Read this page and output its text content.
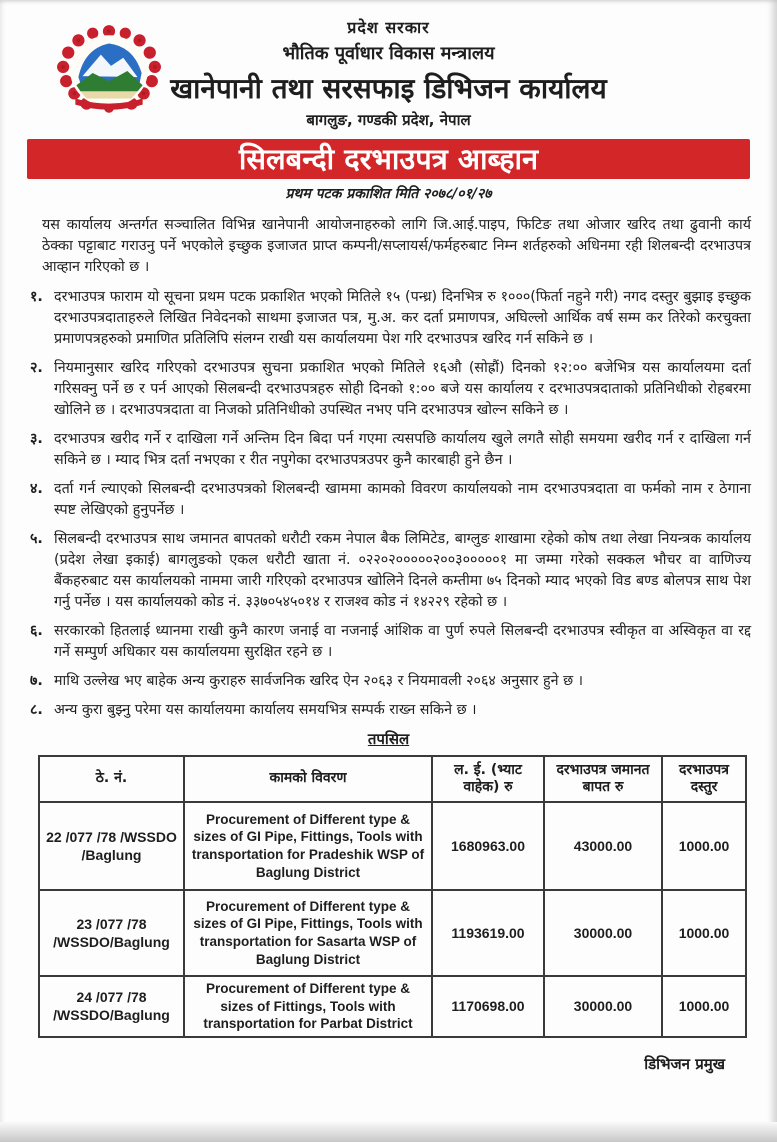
प्रदेश सरकार
भौतिक पूर्वाधार विकास मन्त्रालय
खानेपानी तथा सरसफाइ डिभिजन कार्यालय
बागलुङ, गण्डकी प्रदेश, नेपाल
सिलबन्दी दरभाउपत्र आब्हान
प्रथम पटक प्रकाशित मिति २०७८/०१/२७

यस कार्यालय अन्तर्गत सञ्चालित विभिन्न खानेपानी आयोजनाहरुको लागि जि.आई.पाइप, फिटिङ तथा ओजार खरिद तथा ढुवानी कार्य ठेक्का पट्टाबाट गराउनु पर्ने भएकोले इच्छुक इजाजत प्राप्त कम्पनी/सप्लायर्स/फर्महरुबाट निम्न शर्तहरुको अधिनमा रही शिलबन्दी दरभाउपत्र आव्हान गरिएको छ ।

१. दरभाउपत्र फाराम यो सूचना प्रथम पटक प्रकाशित भएको मितिले १५ (पन्ध्र) दिनभित्र रु १०००(फिर्ता नहुने गरी) नगद दस्तुर बुझाइ इच्छुक दरभाउपत्रदाताहरुले लिखित निवेदनको साथमा इजाजत पत्र, मु.अ. कर दर्ता प्रमाणपत्र, अघिल्लो आर्थिक वर्ष सम्म कर तिरेको करचुक्ता प्रमाणपत्रहरुको प्रमाणित प्रतिलिपि संलग्न राखी यस कार्यालयमा पेश गरि दरभाउपत्र खरिद गर्न सकिने छ ।
२. नियमानुसार खरिद गरिएको दरभाउपत्र सुचना प्रकाशित भएको मितिले १६औ (सोह्रौं) दिनको १२:०० बजेभित्र यस कार्यालयमा दर्ता गरिसक्नु पर्ने छ र पर्न आएको सिलबन्दी दरभाउपत्रहरु सोही दिनको १:०० बजे यस कार्यालय र दरभाउपत्रदाताको प्रतिनिधीको रोहबरमा खोलिने छ । दरभाउपत्रदाता वा निजको प्रतिनिधीको उपस्थित नभए पनि दरभाउपत्र खोल्न सकिने छ ।
३. दरभाउपत्र खरीद गर्ने र दाखिला गर्ने अन्तिम दिन बिदा पर्न गएमा त्यसपछि कार्यालय खुले लगतै सोही समयमा खरीद गर्न र दाखिला गर्न सकिने छ । म्याद भित्र दर्ता नभएका र रीत नपुगेका दरभाउपत्रउपर कुनै कारबाही हुने छैन ।
४. दर्ता गर्न ल्याएको सिलबन्दी दरभाउपत्रको शिलबन्दी खाममा कामको विवरण कार्यालयको नाम दरभाउपत्रदाता वा फर्मको नाम र ठेगाना स्पष्ट लेखिएको हुनुपर्नेछ ।
५. सिलबन्दी दरभाउपत्र साथ जमानत बापतको धरौटी रकम नेपाल बैक लिमिटेड, बाग्लुङ शाखामा रहेको कोष तथा लेखा नियन्त्रक कार्यालय (प्रदेश लेखा इकाई) बागलुङको एकल धरौटी खाता नं. ०२२०२०००००२००३०००००१ मा जम्मा गरेको सक्कल भौचर वा वाणिज्य बैंकहरुबाट यस कार्यालयको नाममा जारी गरिएको दरभाउपत्र खोलिने दिनले कम्तीमा ७५ दिनको म्याद भएको विड बण्ड बोलपत्र साथ पेश गर्नु पर्नेछ । यस कार्यालयको कोड नं. ३३७०५४५०१४ र राजश्व कोड नं १४२२९ रहेको छ ।
६. सरकारको हितलाई ध्यानमा राखी कुनै कारण जनाई वा नजनाई आंशिक वा पुर्ण रुपले सिलबन्दी दरभाउपत्र स्वीकृत वा अस्विकृत वा रद्द गर्ने सम्पुर्ण अधिकार यस कार्यालयमा सुरक्षित रहने छ ।
७. माथि उल्लेख भए बाहेक अन्य कुराहरु सार्वजनिक खरिद ऐन २०६३ र नियमावली २०६४ अनुसार हुने छ ।
८. अन्य कुरा बुझ्नु परेमा यस कार्यालयमा कार्यालय समयभित्र सम्पर्क राख्न सकिने छ ।
तपसिल
ठे. नं.	कामको विवरण	ल. ई. (भ्याट वाहेक) रु	दरभाउपत्र जमानत बापत रु	दरभाउपत्र दस्तुर
22 /077 /78 /WSSDO /Baglung	Procurement of Different type & sizes of GI Pipe, Fittings, Tools with transportation for Pradeshik WSP of Baglung District	1680963.00	43000.00	1000.00
23 /077 /78 /WSSDO/Baglung	Procurement of Different type & sizes of GI Pipe, Fittings, Tools with transportation for Sasarta WSP of Baglung District	1193619.00	30000.00	1000.00
24 /077 /78 /WSSDO/Baglung	Procurement of Different type & sizes of Fittings, Tools with transportation for Parbat District	1170698.00	30000.00	1000.00
डिभिजन प्रमुख
